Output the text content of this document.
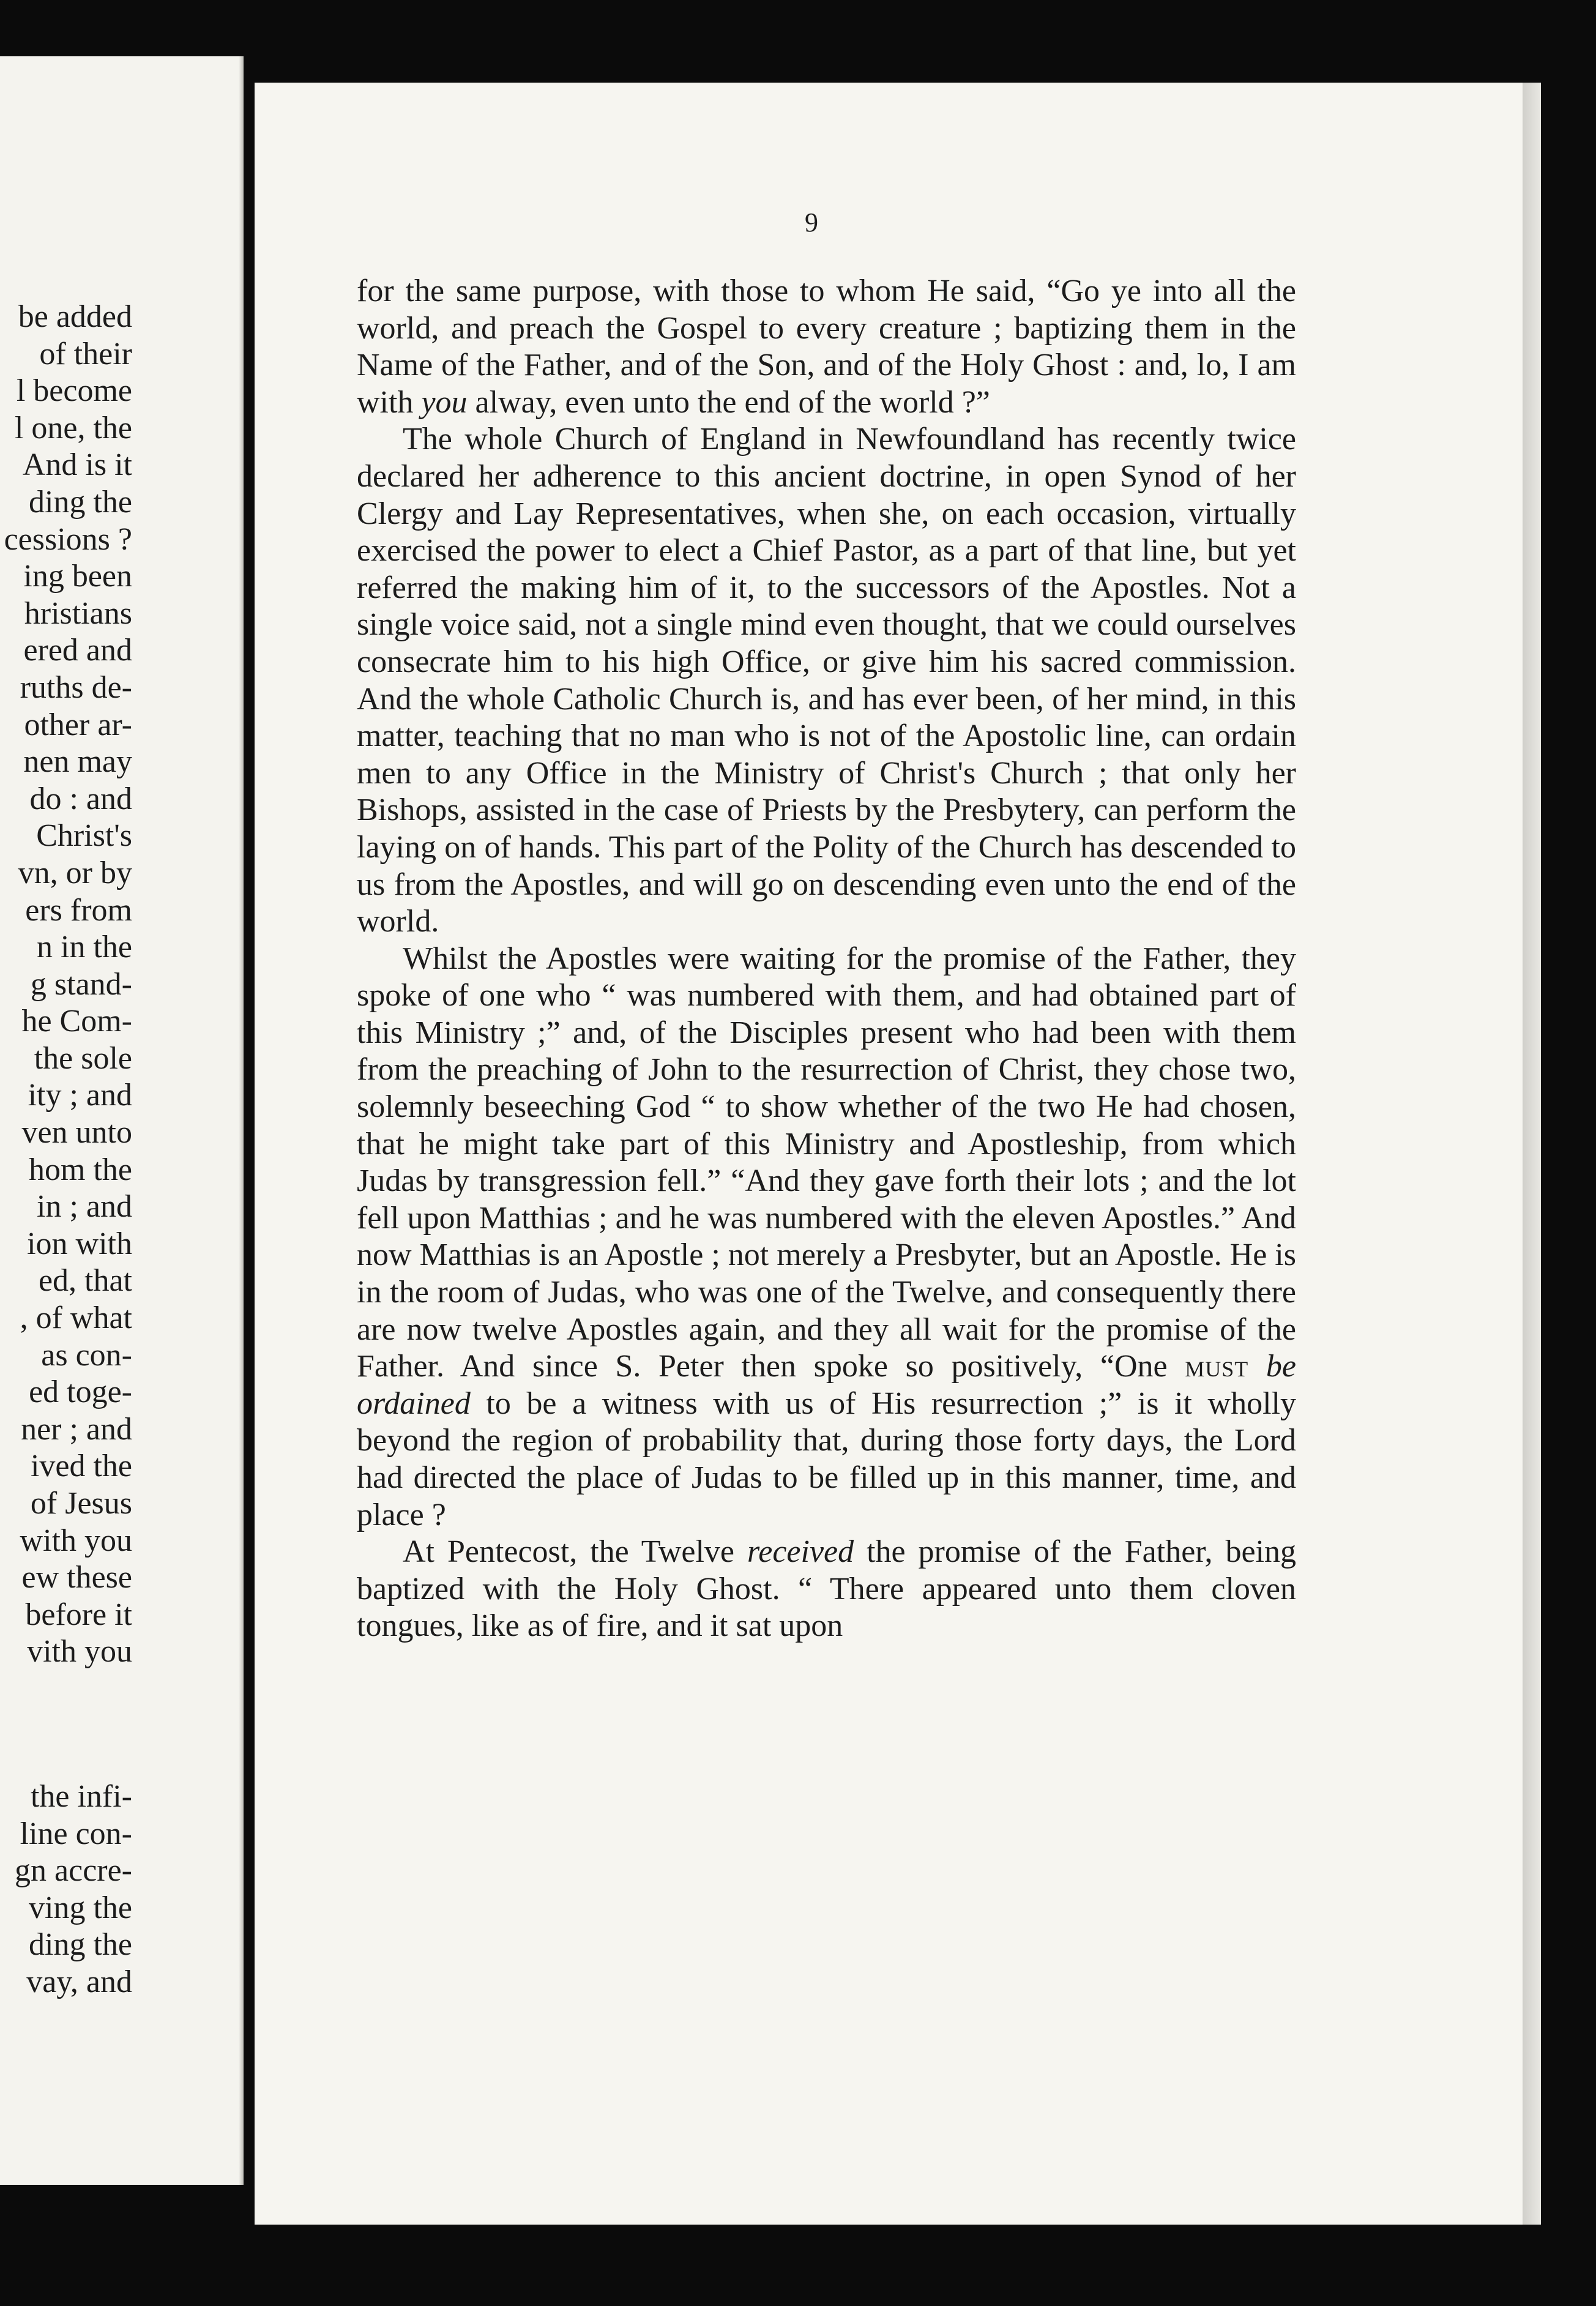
be added
of their
l become
l one, the
And is it
ding the
cessions ?
ing been
hristians
ered and
ruths de-
other ar-
nen may
do : and
Christ's
vn, or by
ers from
n in the
g stand-
he Com-
the sole
ity ; and
ven unto
hom the
in ; and
ion with
ed, that
, of what
as con-
ed toge-
ner ; and
ived the
of Jesus
with you
ew these
before it
vith you
the infi-
line con-
gn accre-
ving the
ding the
vay, and
9

for the same purpose, with those to whom He said, “Go ye into all the world, and preach the Gospel to every creature ; baptizing them in the Name of the Father, and of the Son, and of the Holy Ghost : and, lo, I am with you alway, even unto the end of the world ?”

The whole Church of England in Newfoundland has recently twice declared her adherence to this ancient doctrine, in open Synod of her Clergy and Lay Representatives, when she, on each occasion, virtually exercised the power to elect a Chief Pastor, as a part of that line, but yet referred the making him of it, to the successors of the Apostles. Not a single voice said, not a single mind even thought, that we could ourselves consecrate him to his high Office, or give him his sacred commission. And the whole Catholic Church is, and has ever been, of her mind, in this matter, teaching that no man who is not of the Apostolic line, can ordain men to any Office in the Ministry of Christ's Church ; that only her Bishops, assisted in the case of Priests by the Presbytery, can perform the laying on of hands. This part of the Polity of the Church has descended to us from the Apostles, and will go on descending even unto the end of the world.

Whilst the Apostles were waiting for the promise of the Father, they spoke of one who “ was numbered with them, and had obtained part of this Ministry ;” and, of the Disciples present who had been with them from the preaching of John to the resurrection of Christ, they chose two, solemnly beseeching God “ to show whether of the two He had chosen, that he might take part of this Ministry and Apostleship, from which Judas by transgression fell.” “And they gave forth their lots ; and the lot fell upon Matthias ; and he was numbered with the eleven Apostles.” And now Matthias is an Apostle ; not merely a Presbyter, but an Apostle. He is in the room of Judas, who was one of the Twelve, and consequently there are now twelve Apostles again, and they all wait for the promise of the Father. And since S. Peter then spoke so positively, “One must be ordained to be a witness with us of His resurrection ;” is it wholly beyond the region of probability that, during those forty days, the Lord had directed the place of Judas to be filled up in this manner, time, and place ?

At Pentecost, the Twelve received the promise of the Father, being baptized with the Holy Ghost. “ There appeared unto them cloven tongues, like as of fire, and it sat upon
